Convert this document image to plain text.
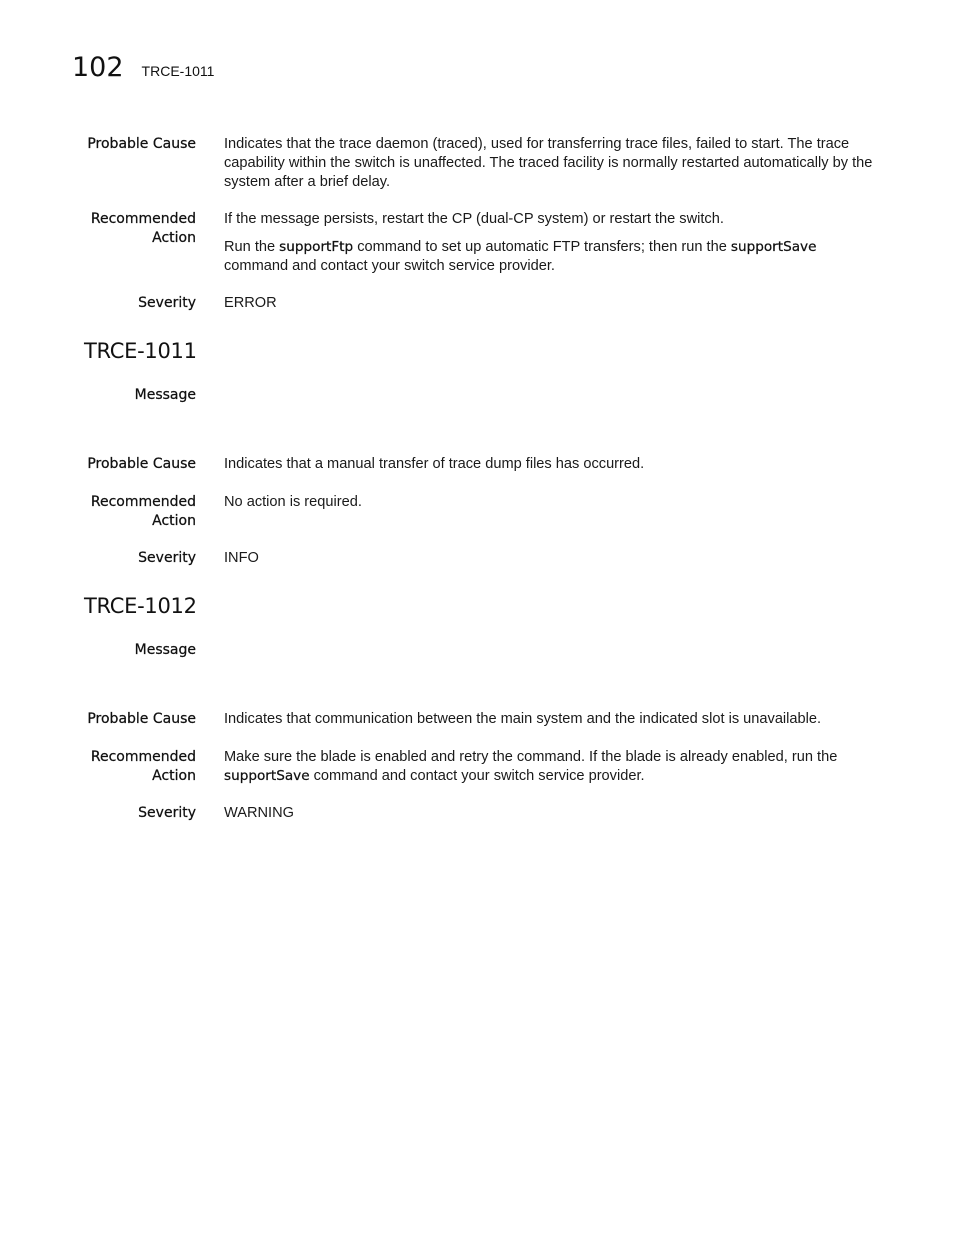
102 TRCE-1011
Probable Cause Indicates that the trace daemon (traced), used for transferring trace files, failed to start. The trace capability within the switch is unaffected. The traced facility is normally restarted automatically by the system after a brief delay.

Recommended
Action

If the message persists, restart the CP (dual-CP system) or restart the switch.

Run the supportFtp command to set up automatic FTP transfers; then run the supportSave command and contact your switch service provider.

Severity ERROR
TRCE-1011
Message
Probable Cause Indicates that a manual transfer of trace dump files has occurred.
Recommended
Action
No action is required.
Severity INFO
TRCE-1012
Message
Probable Cause Indicates that communication between the main system and the indicated slot is unavailable.
Recommended
Action
Make sure the blade is enabled and retry the command. If the blade is already enabled, run the supportSave command and contact your switch service provider.
Severity WARNING
